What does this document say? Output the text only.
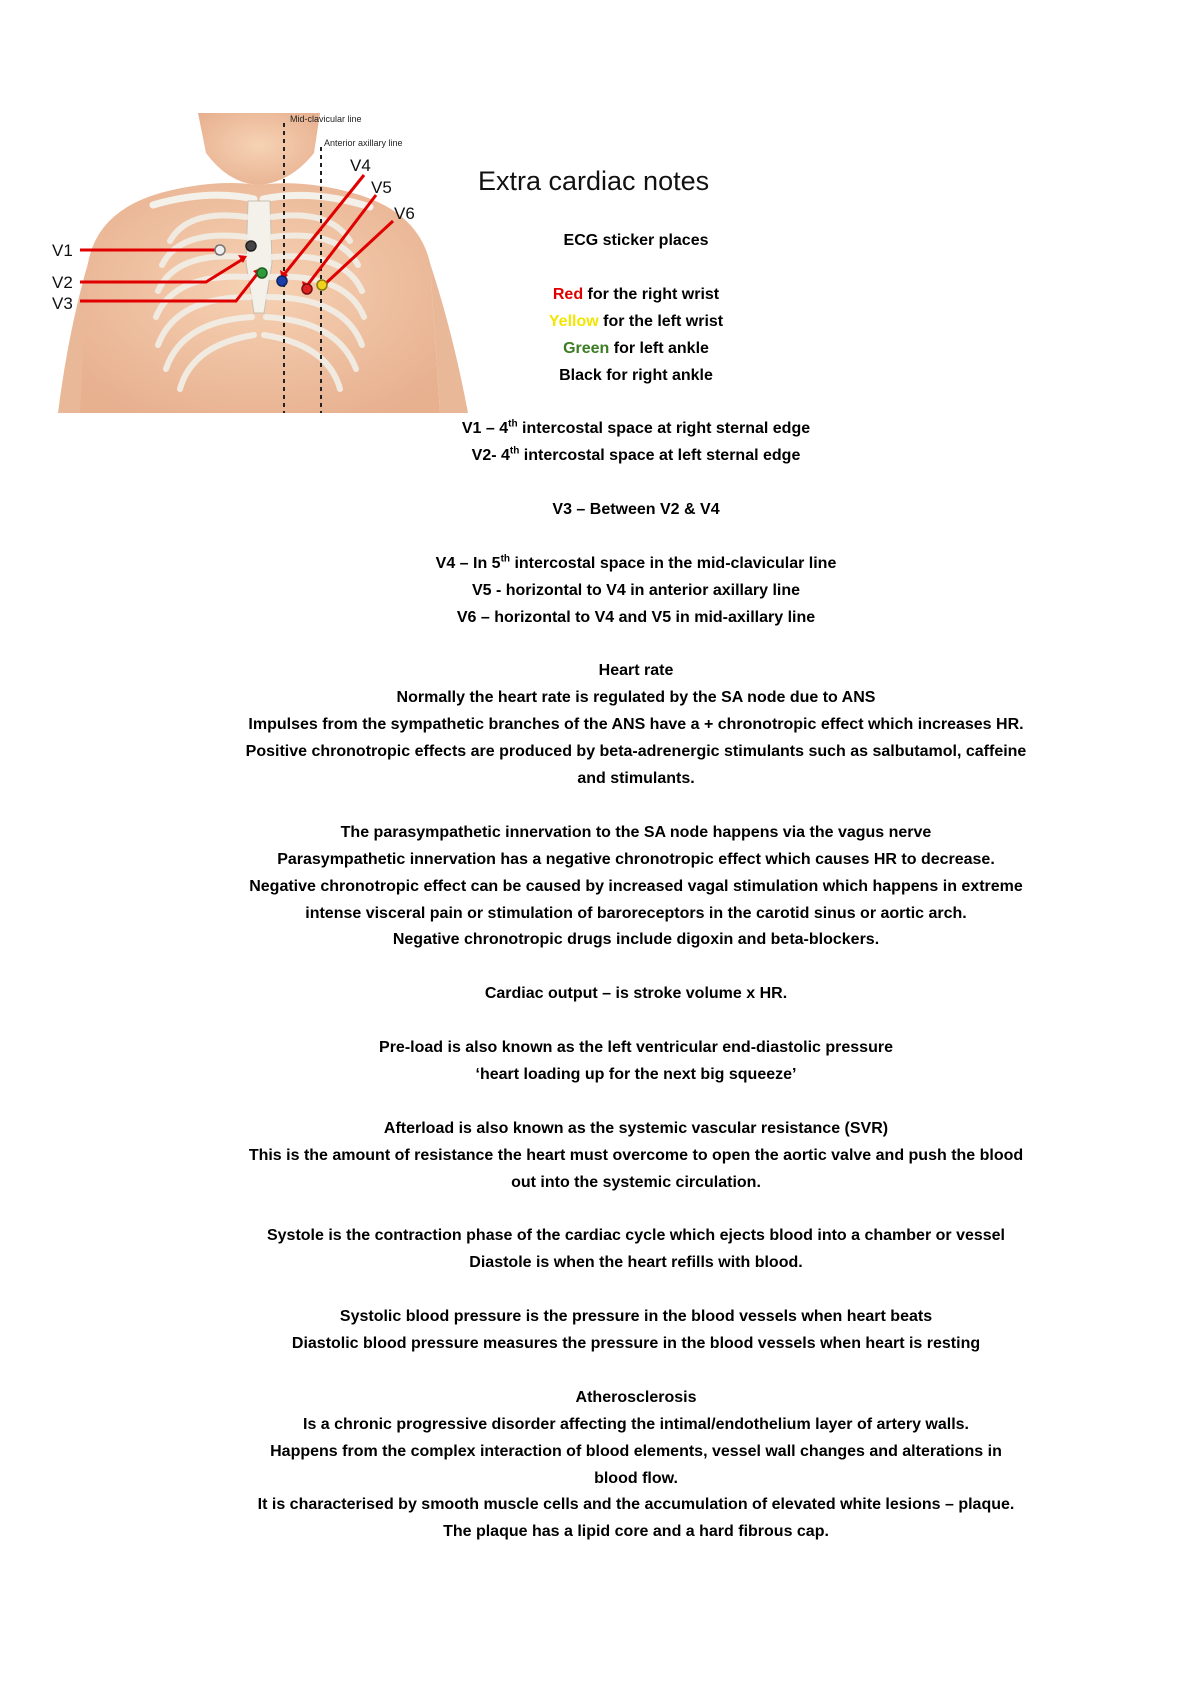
Mid-clavicular line
Anterior axillary line
V1
V2
V3
V4
V5
V6
Extra cardiac notes
ECG sticker places
Red for the right wrist
Yellow for the left wrist
Green for left ankle
Black for right ankle
V1 – 4th intercostal space at right sternal edge
V2- 4th intercostal space at left sternal edge
V3 – Between V2 & V4
V4 – In 5th intercostal space in the mid-clavicular line
V5 - horizontal to V4 in anterior axillary line
V6 – horizontal to V4 and V5 in mid-axillary line
Heart rate
Normally the heart rate is regulated by the SA node due to ANS
Impulses from the sympathetic branches of the ANS have a + chronotropic effect which increases HR.
Positive chronotropic effects are produced by beta-adrenergic stimulants such as salbutamol, caffeine
and stimulants.
The parasympathetic innervation to the SA node happens via the vagus nerve
Parasympathetic innervation has a negative chronotropic effect which causes HR to decrease.
Negative chronotropic effect can be caused by increased vagal stimulation which happens in extreme
intense visceral pain or stimulation of baroreceptors in the carotid sinus or aortic arch.
Negative chronotropic drugs include digoxin and beta-blockers.
Cardiac output – is stroke volume x HR.
Pre-load is also known as the left ventricular end-diastolic pressure
‘heart loading up for the next big squeeze’
Afterload is also known as the systemic vascular resistance (SVR)
This is the amount of resistance the heart must overcome to open the aortic valve and push the blood
out into the systemic circulation.
Systole is the contraction phase of the cardiac cycle which ejects blood into a chamber or vessel
Diastole is when the heart refills with blood.
Systolic blood pressure is the pressure in the blood vessels when heart beats
Diastolic blood pressure measures the pressure in the blood vessels when heart is resting
Atherosclerosis
Is a chronic progressive disorder affecting the intimal/endothelium layer of artery walls.
Happens from the complex interaction of blood elements, vessel wall changes and alterations in
blood flow.
It is characterised by smooth muscle cells and the accumulation of elevated white lesions – plaque.
The plaque has a lipid core and a hard fibrous cap.
